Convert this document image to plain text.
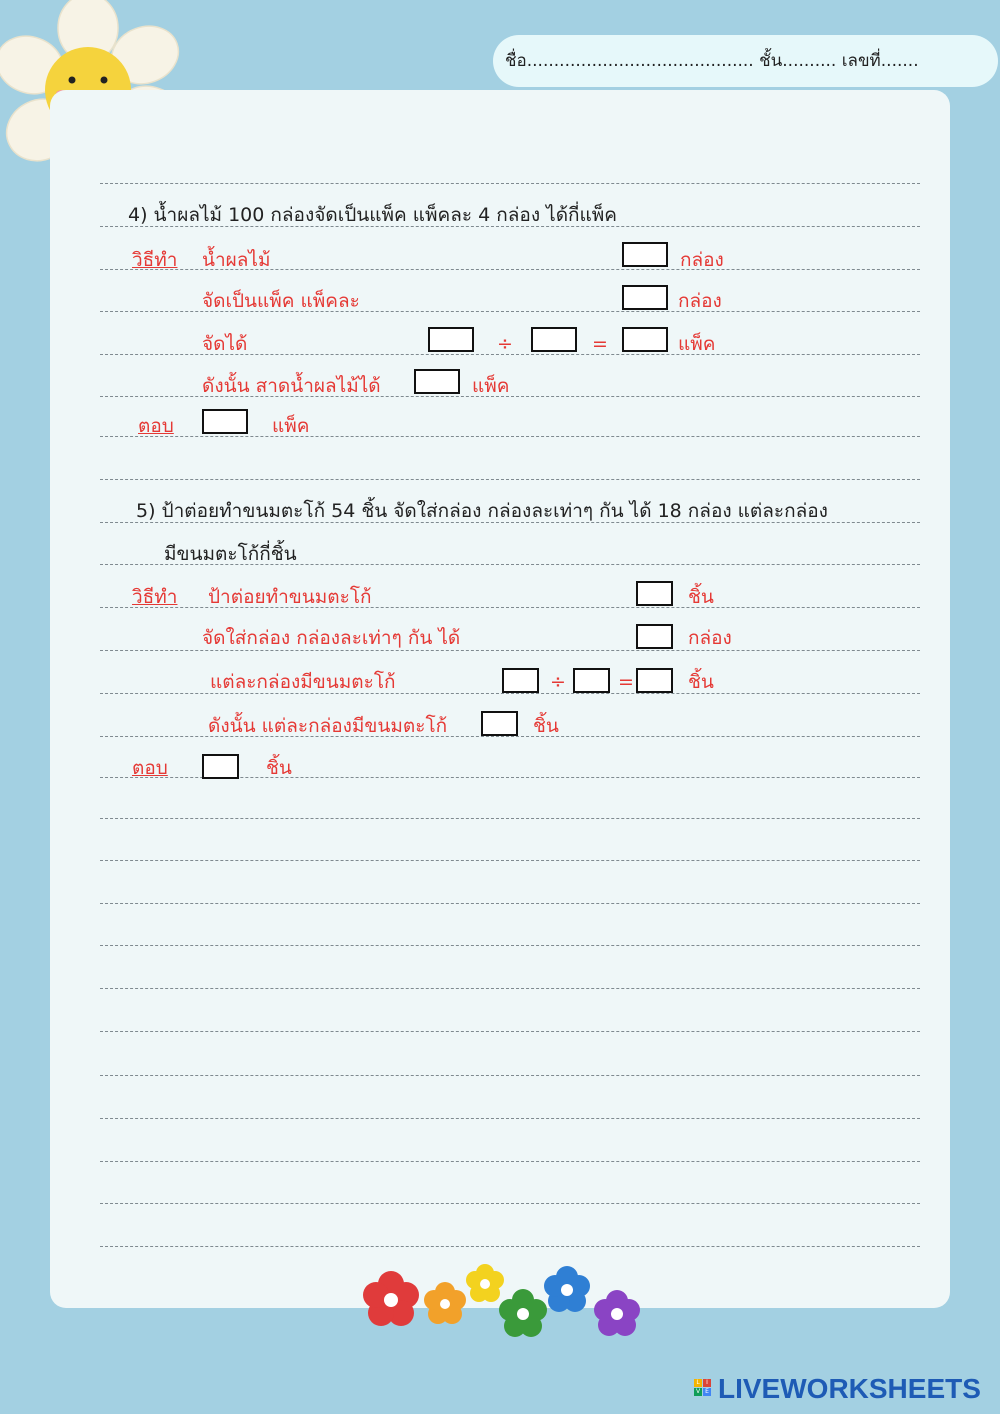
ชื่อ.......................................... ชั้น.......... เลขที่.......
4) น้ำผลไม้ 100 กล่องจัดเป็นแพ็ค แพ็คละ 4 กล่อง ได้กี่แพ็ค
วิธีทำ น้ำผลไม้	กล่อง
จัดเป็นแพ็ค แพ็คละ	กล่อง
จัดได้	÷	=	แพ็ค
ดังนั้น สาดน้ำผลไม้ได้	แพ็ค
ตอบ	แพ็ค
5) ป้าต่อยทำขนมตะโก้ 54 ชิ้น จัดใส่กล่อง กล่องละเท่าๆ กัน ได้ 18 กล่อง แต่ละกล่อง
มีขนมตะโก้กี่ชิ้น
วิธีทำ ป้าต่อยทำขนมตะโก้	ชิ้น
จัดใส่กล่อง กล่องละเท่าๆ กัน ได้	กล่อง
แต่ละกล่องมีขนมตะโก้	÷	=	ชิ้น
ดังนั้น แต่ละกล่องมีขนมตะโก้	ชิ้น
ตอบ	ชิ้น
L	I
V E LIVEWORKSHEETS
